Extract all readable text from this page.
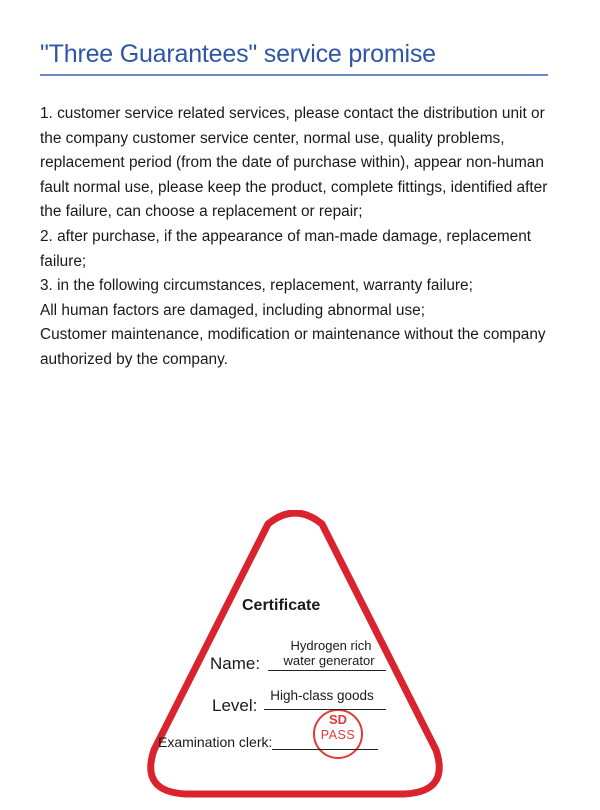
"Three Guarantees" service promise

1. customer service related services, please contact the distribution unit or the company customer service center, normal use, quality problems, replacement period (from the date of purchase within), appear non-human fault normal use, please keep the product, complete fittings, identified after the failure, can choose a replacement or repair;

2. after purchase, if the appearance of man-made damage, replacement failure;

3. in the following circumstances, replacement, warranty failure;

All human factors are damaged, including abnormal use;

Customer maintenance, modification or maintenance without the company authorized by the company.

Certificate
Name:
Hydrogen rich
water generator
Level:
High-class goods
Examination clerk:
SD
PASS
